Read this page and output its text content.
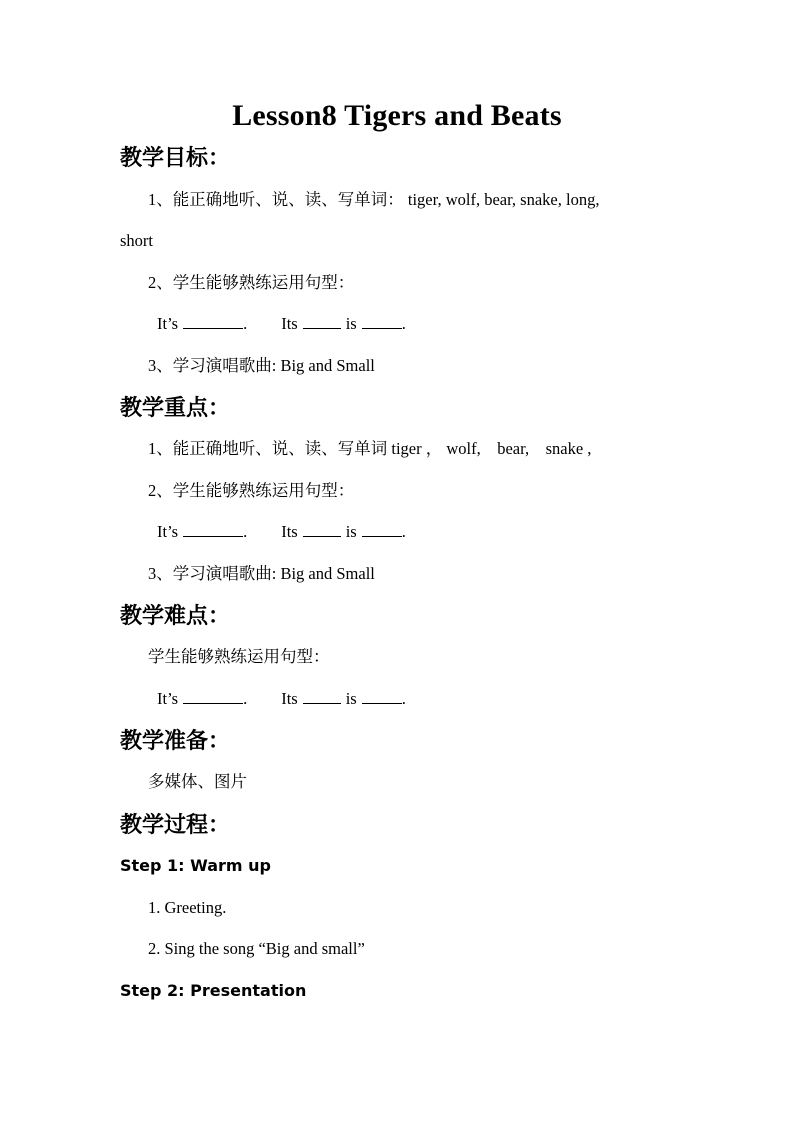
Lesson8 Tigers and Beats
教学目标：
1、能正确地听、说、读、写单词： tiger, wolf, bear, snake, long,
short
2、学生能够熟练运用句型：
It’s	. Its	is	.
3、学习演唱歌曲: Big and Small
教学重点：
1、能正确地听、说、读、写单词 tiger ， wolf,    bear,    snake ,
2、学生能够熟练运用句型：
It’s	. Its	is	.
3、学习演唱歌曲: Big and Small
教学难点：
学生能够熟练运用句型：
It’s	. Its	is	.
教学准备：
多媒体、图片
教学过程：
Step 1: Warm up
1. Greeting.
2. Sing the song “Big and small”
Step 2: Presentation
